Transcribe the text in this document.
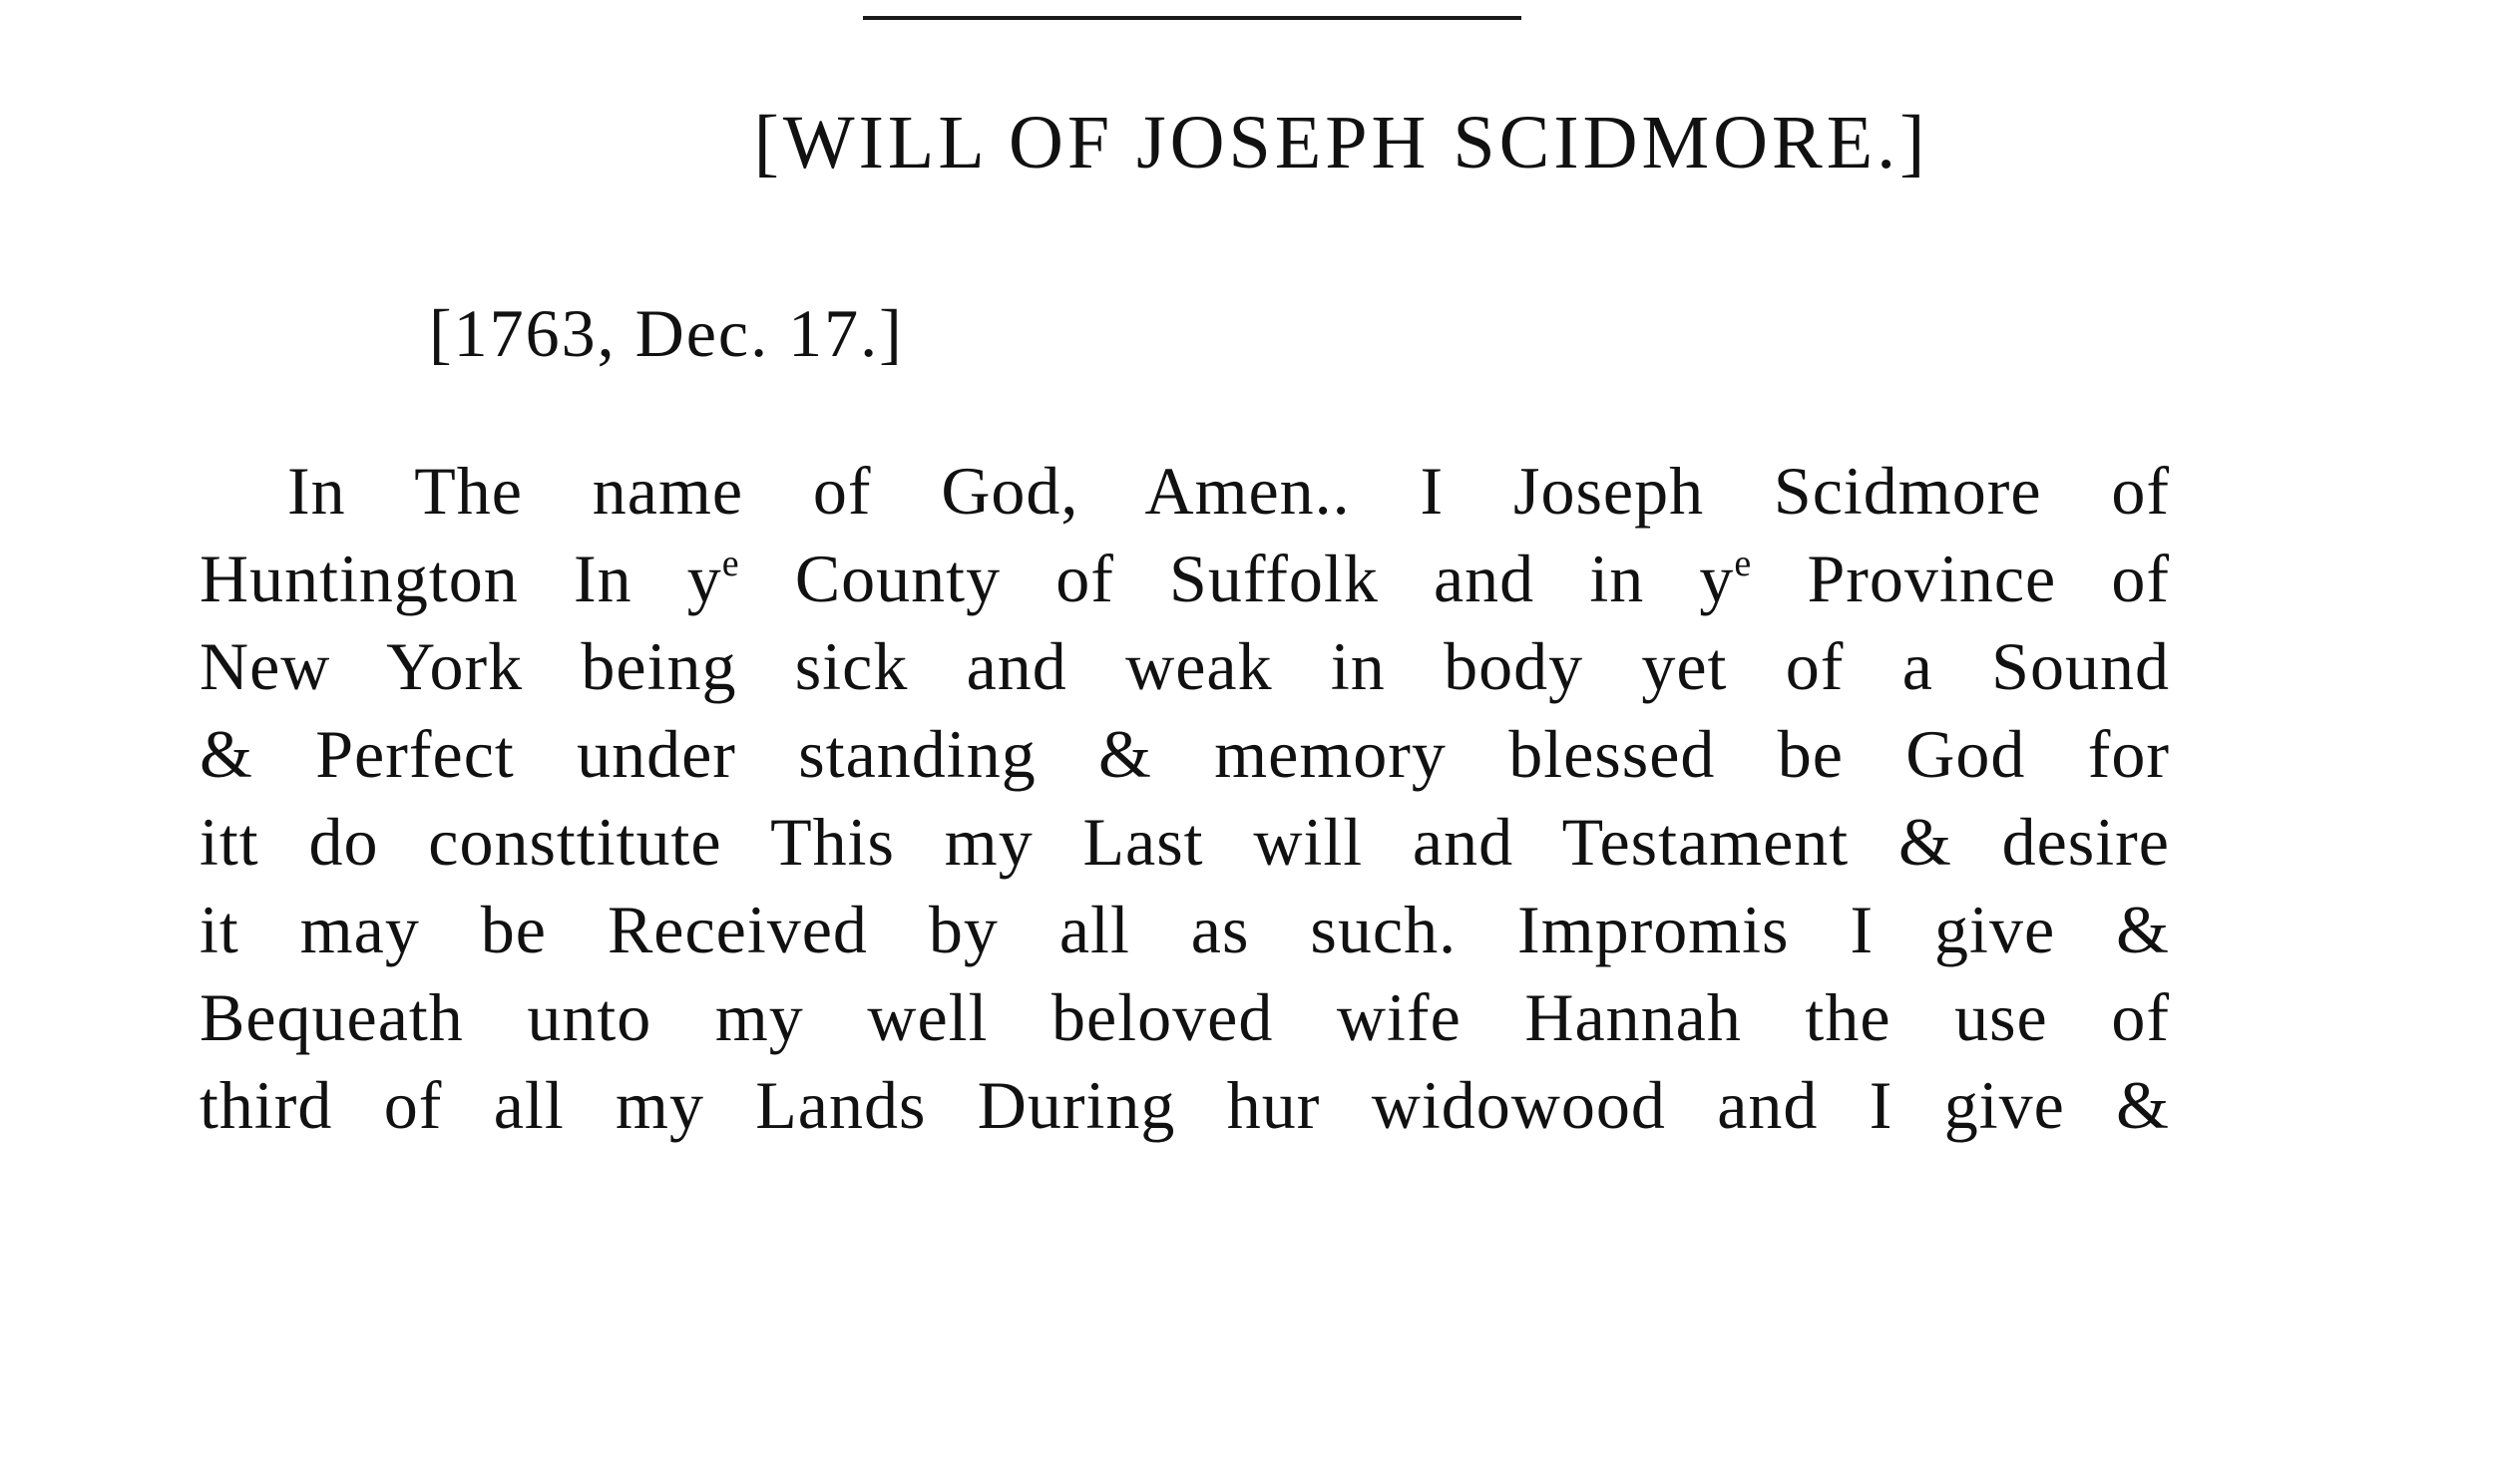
[WILL OF JOSEPH SCIDMORE.]
[1763, Dec. 17.]
In The name of God, Amen.. I Joseph Scidmore of
Huntington In $y^e$ County of Suffolk and in $y^e$ Province of
New York being sick and weak in body yet of a Sound
& Perfect under standing & memory blessed be God for
itt do consttitute This my Last will and Testament & desire
it may be Received by all as such. Impromis I give &
Bequeath unto my well beloved wife Hannah the use of
third of all my Lands During hur widowood and I give &
